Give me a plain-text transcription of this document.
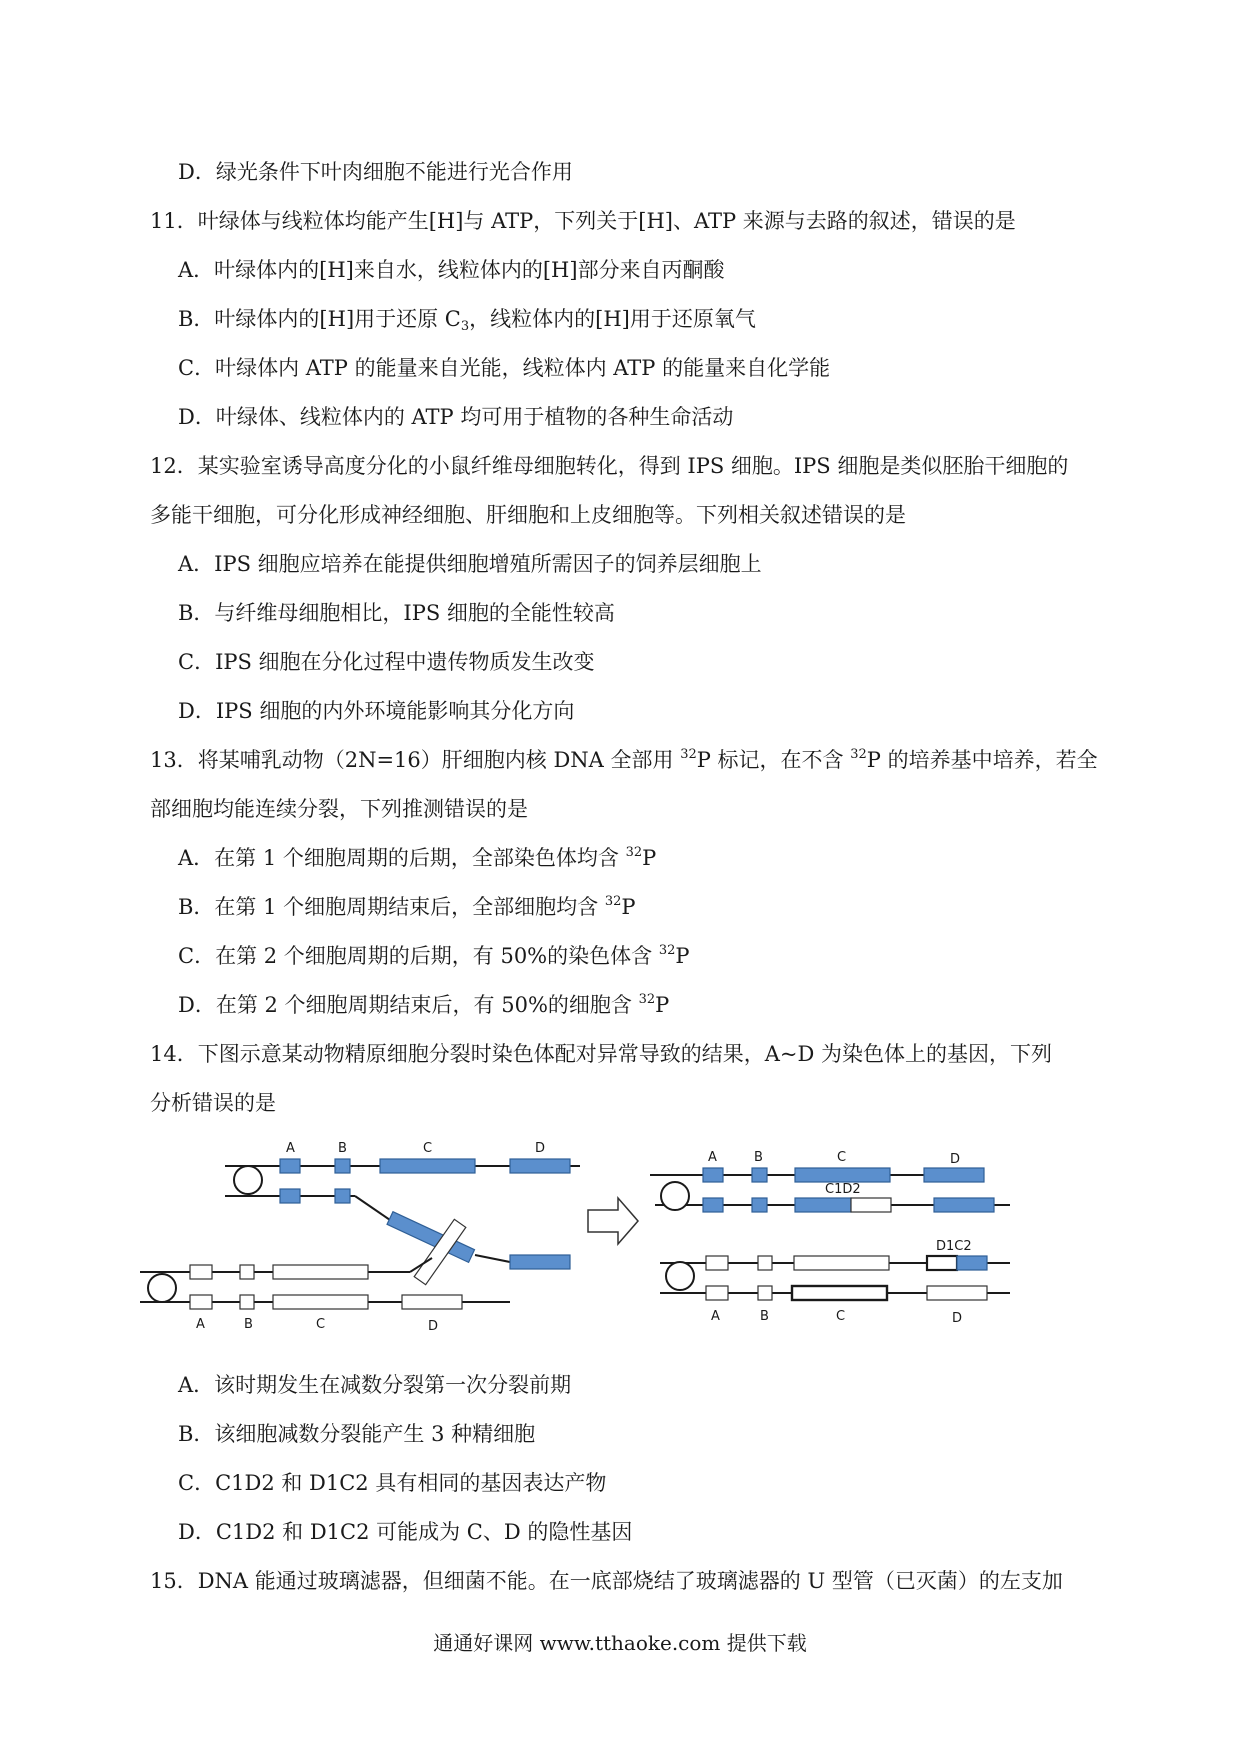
D．绿光条件下叶肉细胞不能进行光合作用
11．叶绿体与线粒体均能产生[H]与 ATP，下列关于[H]、ATP 来源与去路的叙述，错误的是
A．叶绿体内的[H]来自水，线粒体内的[H]部分来自丙酮酸
B．叶绿体内的[H]用于还原 $C_3$，线粒体内的[H]用于还原氧气
C．叶绿体内 ATP 的能量来自光能，线粒体内 ATP 的能量来自化学能
D．叶绿体、线粒体内的 ATP 均可用于植物的各种生命活动
12．某实验室诱导高度分化的小鼠纤维母细胞转化，得到 IPS 细胞。IPS 细胞是类似胚胎干细胞的
多能干细胞，可分化形成神经细胞、肝细胞和上皮细胞等。下列相关叙述错误的是
A．IPS 细胞应培养在能提供细胞增殖所需因子的饲养层细胞上
B．与纤维母细胞相比，IPS 细胞的全能性较高
C．IPS 细胞在分化过程中遗传物质发生改变
D．IPS 细胞的内外环境能影响其分化方向
13．将某哺乳动物（2N=16）肝细胞内核 DNA 全部用 $^{32}$P 标记，在不含 $^{32}$P 的培养基中培养，若全
部细胞均能连续分裂，下列推测错误的是
A．在第 1 个细胞周期的后期，全部染色体均含 $^{32}$P
B．在第 1 个细胞周期结束后，全部细胞均含 $^{32}$P
C．在第 2 个细胞周期的后期，有 50%的染色体含 $^{32}$P
D．在第 2 个细胞周期结束后，有 50%的细胞含 $^{32}$P
14．下图示意某动物精原细胞分裂时染色体配对异常导致的结果，A~D 为染色体上的基因，下列
分析错误的是
A．该时期发生在减数分裂第一次分裂前期
B．该细胞减数分裂能产生 3 种精细胞
C．C1D2 和 D1C2 具有相同的基因表达产物
D．C1D2 和 D1C2 可能成为 C、D 的隐性基因
15．DNA 能通过玻璃滤器，但细菌不能。在一底部烧结了玻璃滤器的 U 型管（已灭菌）的左支加
A	B	C	D
A	B	C	D
A	B	C	D
C1D2
D1C2
A	B	C	D
通通好课网 www.tthaoke.com 提供下载
